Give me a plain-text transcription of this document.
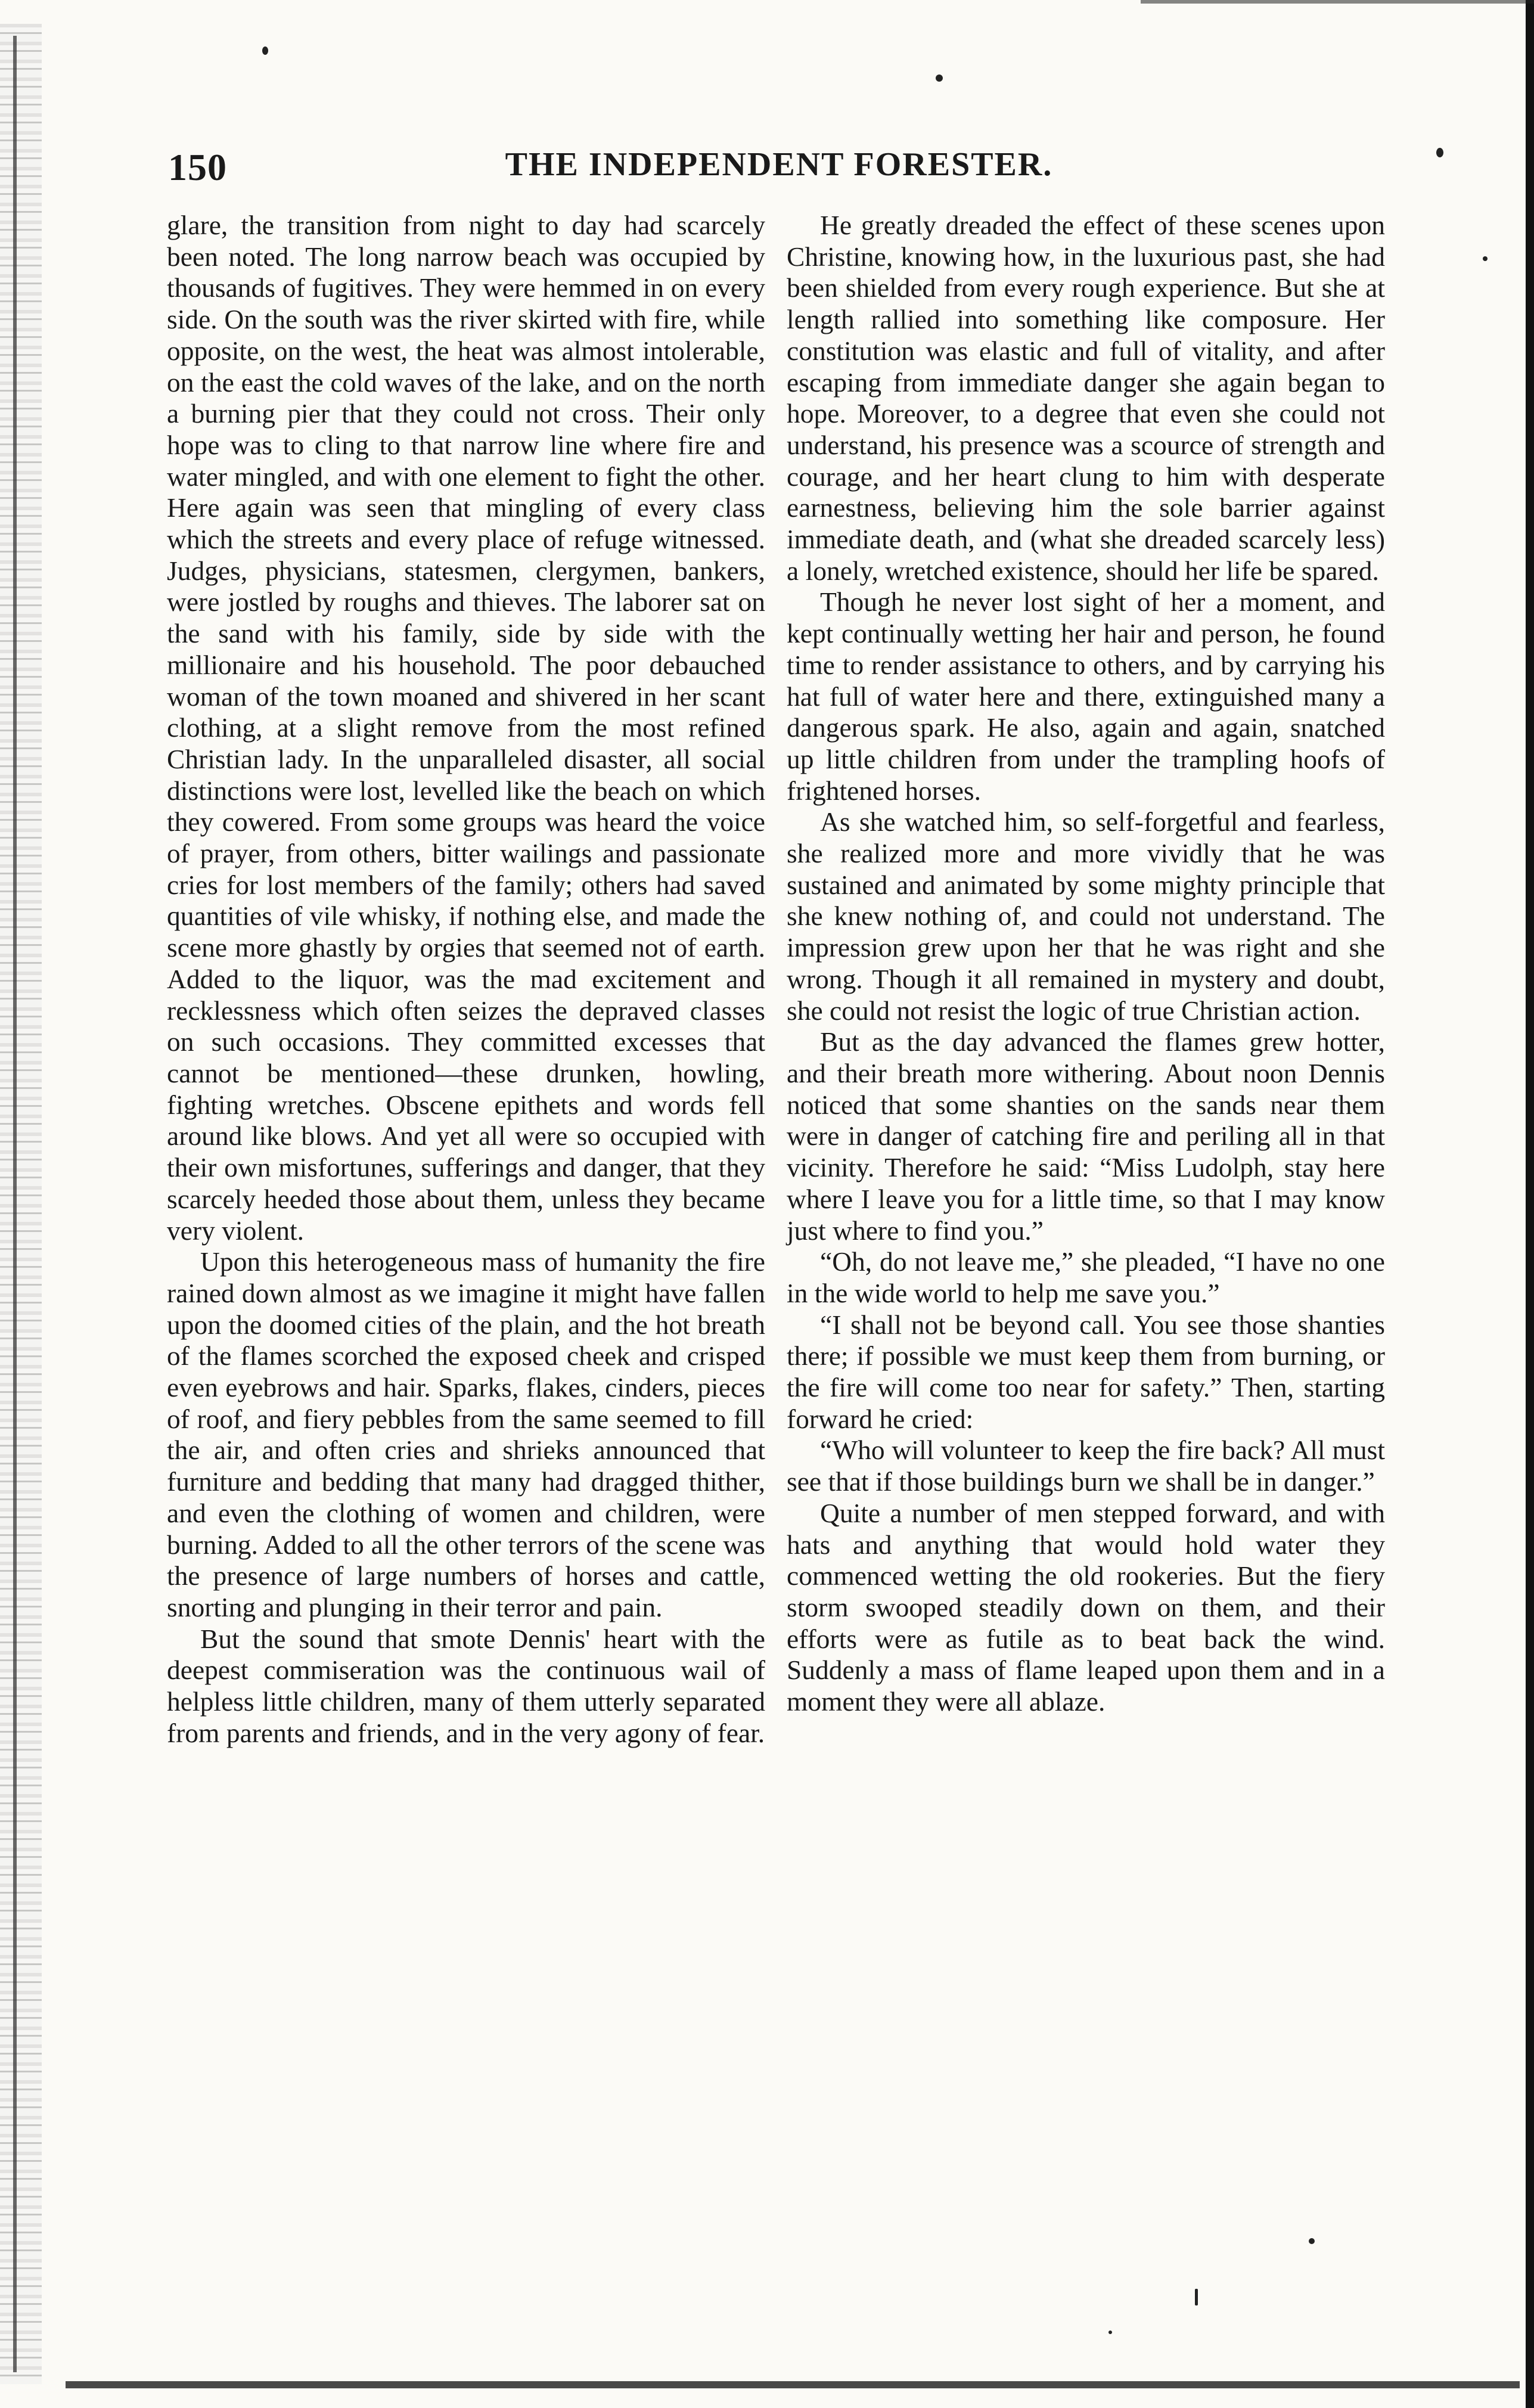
150	THE INDEPENDENT FORESTER.

glare, the transition from night to day had scarcely been noted. The long narrow beach was occupied by thousands of fugitives. They were hemmed in on every side. On the south was the river skirted with fire, while opposite, on the west, the heat was almost intolerable, on the east the cold waves of the lake, and on the north a burning pier that they could not cross. Their only hope was to cling to that narrow line where fire and water mingled, and with one element to fight the other. Here again was seen that mingling of every class which the streets and every place of refuge witnessed. Judges, physicians, statesmen, clergymen, bankers, were jostled by roughs and thieves. The laborer sat on the sand with his family, side by side with the millionaire and his household. The poor debauched woman of the town moaned and shivered in her scant clothing, at a slight remove from the most refined Christian lady. In the unparalleled disaster, all social distinctions were lost, levelled like the beach on which they cowered. From some groups was heard the voice of prayer, from others, bitter wailings and passionate cries for lost members of the family; others had saved quantities of vile whisky, if nothing else, and made the scene more ghastly by orgies that seemed not of earth. Added to the liquor, was the mad excitement and recklessness which often seizes the depraved classes on such occasions. They committed excesses that cannot be mentioned—these drunken, howling, fighting wretches. Obscene epithets and words fell around like blows. And yet all were so occupied with their own misfortunes, sufferings and danger, that they scarcely heeded those about them, unless they became very violent.

Upon this heterogeneous mass of humanity the fire rained down almost as we imagine it might have fallen upon the doomed cities of the plain, and the hot breath of the flames scorched the exposed cheek and crisped even eyebrows and hair. Sparks, flakes, cinders, pieces of roof, and fiery pebbles from the same seemed to fill the air, and often cries and shrieks announced that furniture and bedding that many had dragged thither, and even the clothing of women and children, were burning. Added to all the other terrors of the scene was the presence of large numbers of horses and cattle, snorting and plunging in their terror and pain.

But the sound that smote Dennis' heart with the deepest commiseration was the continuous wail of helpless little children, many of them utterly separated from parents and friends, and in the very agony of fear.

He greatly dreaded the effect of these scenes upon Christine, knowing how, in the luxurious past, she had been shielded from every rough experience. But she at length rallied into something like composure. Her constitution was elastic and full of vitality, and after escaping from immediate danger she again began to hope. Moreover, to a degree that even she could not understand, his presence was a scource of strength and courage, and her heart clung to him with desperate earnestness, believing him the sole barrier against immediate death, and (what she dreaded scarcely less) a lonely, wretched existence, should her life be spared.

Though he never lost sight of her a moment, and kept continually wetting her hair and person, he found time to render assistance to others, and by carrying his hat full of water here and there, extinguished many a dangerous spark. He also, again and again, snatched up little children from under the trampling hoofs of frightened horses.

As she watched him, so self-forgetful and fearless, she realized more and more vividly that he was sustained and animated by some mighty principle that she knew nothing of, and could not understand. The impression grew upon her that he was right and she wrong. Though it all remained in mystery and doubt, she could not resist the logic of true Christian action.

But as the day advanced the flames grew hotter, and their breath more withering. About noon Dennis noticed that some shanties on the sands near them were in danger of catching fire and periling all in that vicinity. Therefore he said: “Miss Ludolph, stay here where I leave you for a little time, so that I may know just where to find you.”

“Oh, do not leave me,” she pleaded, “I have no one in the wide world to help me save you.”

“I shall not be beyond call. You see those shanties there; if possible we must keep them from burning, or the fire will come too near for safety.” Then, starting forward he cried:

“Who will volunteer to keep the fire back? All must see that if those buildings burn we shall be in danger.”

Quite a number of men stepped forward, and with hats and anything that would hold water they commenced wetting the old rookeries. But the fiery storm swooped steadily down on them, and their efforts were as futile as to beat back the wind. Suddenly a mass of flame leaped upon them and in a moment they were all ablaze.
